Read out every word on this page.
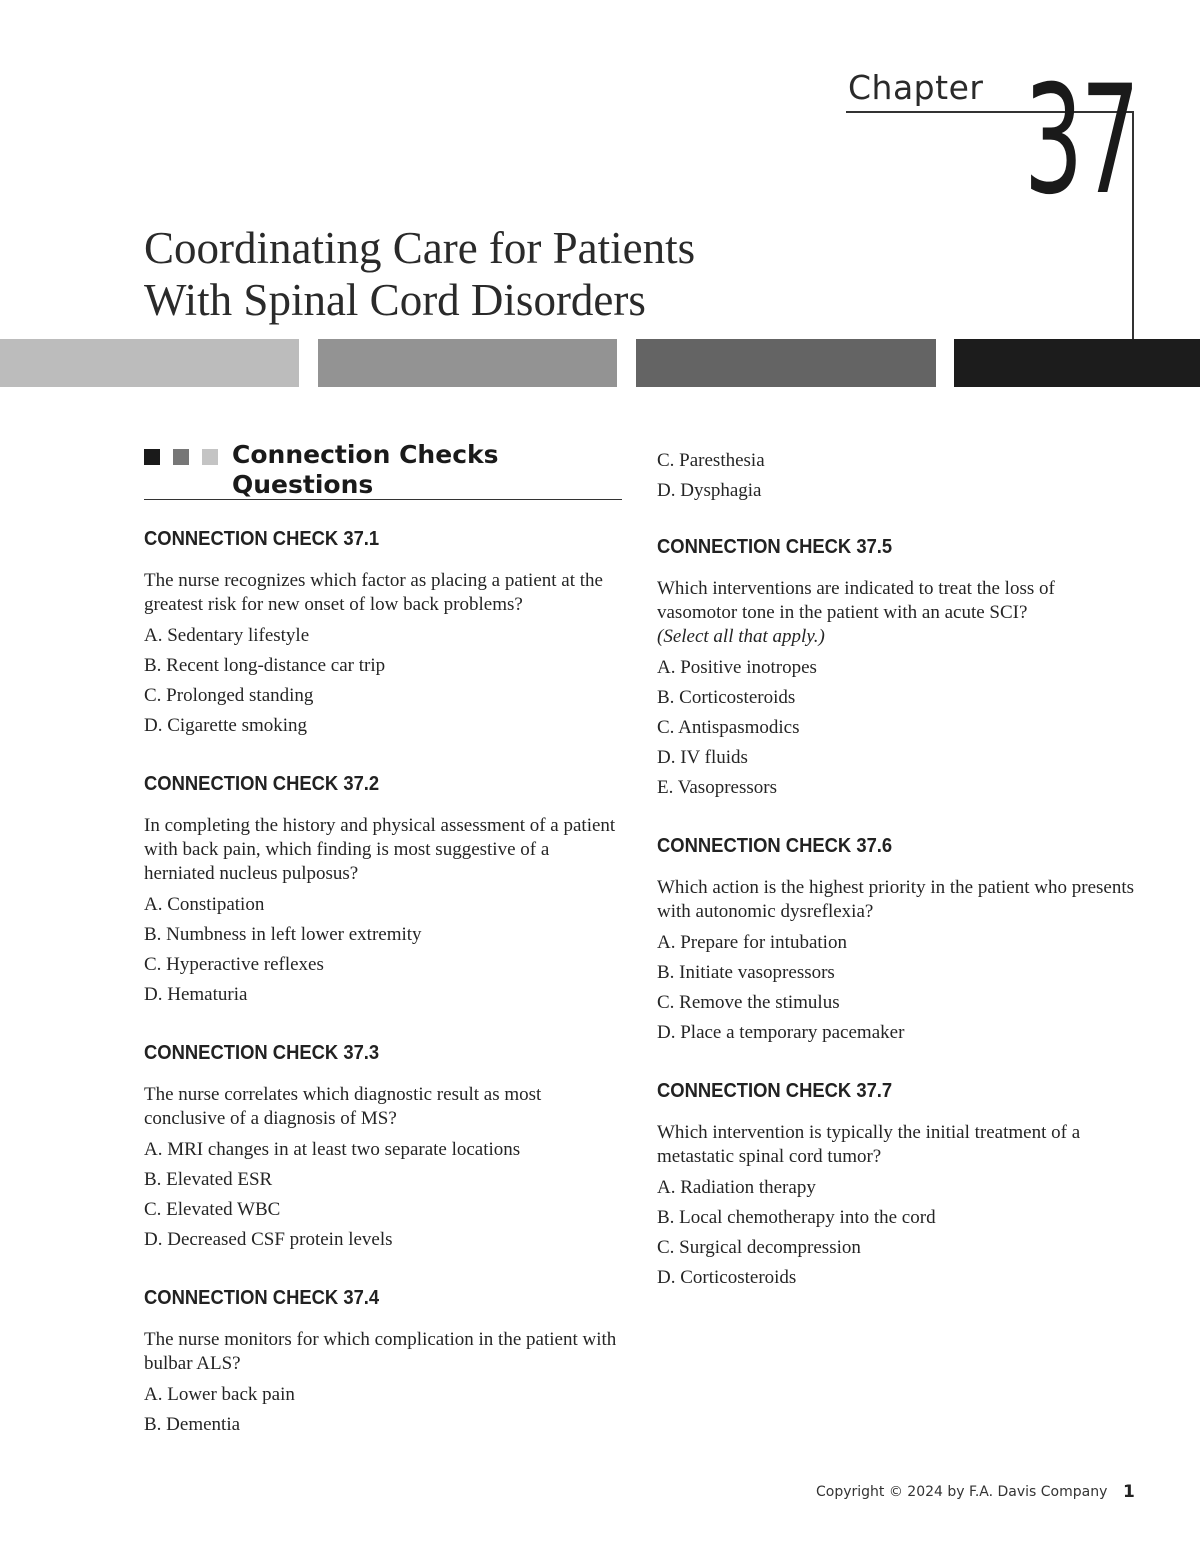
Chapter 37
Coordinating Care for Patients
With Spinal Cord Disorders
Connection Checks
Questions
CONNECTION CHECK 37.1

The nurse recognizes which factor as placing a patient at the greatest risk for new onset of low back problems?

A. Sedentary lifestyle
B. Recent long-distance car trip
C. Prolonged standing
D. Cigarette smoking
CONNECTION CHECK 37.2

In completing the history and physical assessment of a patient with back pain, which finding is most suggestive of a herniated nucleus pulposus?

A. Constipation
B. Numbness in left lower extremity
C. Hyperactive reflexes
D. Hematuria
CONNECTION CHECK 37.3

The nurse correlates which diagnostic result as most conclusive of a diagnosis of MS?

A. MRI changes in at least two separate locations
B. Elevated ESR
C. Elevated WBC
D. Decreased CSF protein levels
CONNECTION CHECK 37.4

The nurse monitors for which complication in the patient with bulbar ALS?

A. Lower back pain
B. Dementia
C. Paresthesia
D. Dysphagia
CONNECTION CHECK 37.5

Which interventions are indicated to treat the loss of vasomotor tone in the patient with an acute SCI?
(Select all that apply.)

A. Positive inotropes
B. Corticosteroids
C. Antispasmodics
D. IV fluids
E. Vasopressors
CONNECTION CHECK 37.6

Which action is the highest priority in the patient who presents with autonomic dysreflexia?

A. Prepare for intubation
B. Initiate vasopressors
C. Remove the stimulus
D. Place a temporary pacemaker
CONNECTION CHECK 37.7

Which intervention is typically the initial treatment of a metastatic spinal cord tumor?

A. Radiation therapy
B. Local chemotherapy into the cord
C. Surgical decompression
D. Corticosteroids
Copyright © 2024 by F.A. Davis Company 1
